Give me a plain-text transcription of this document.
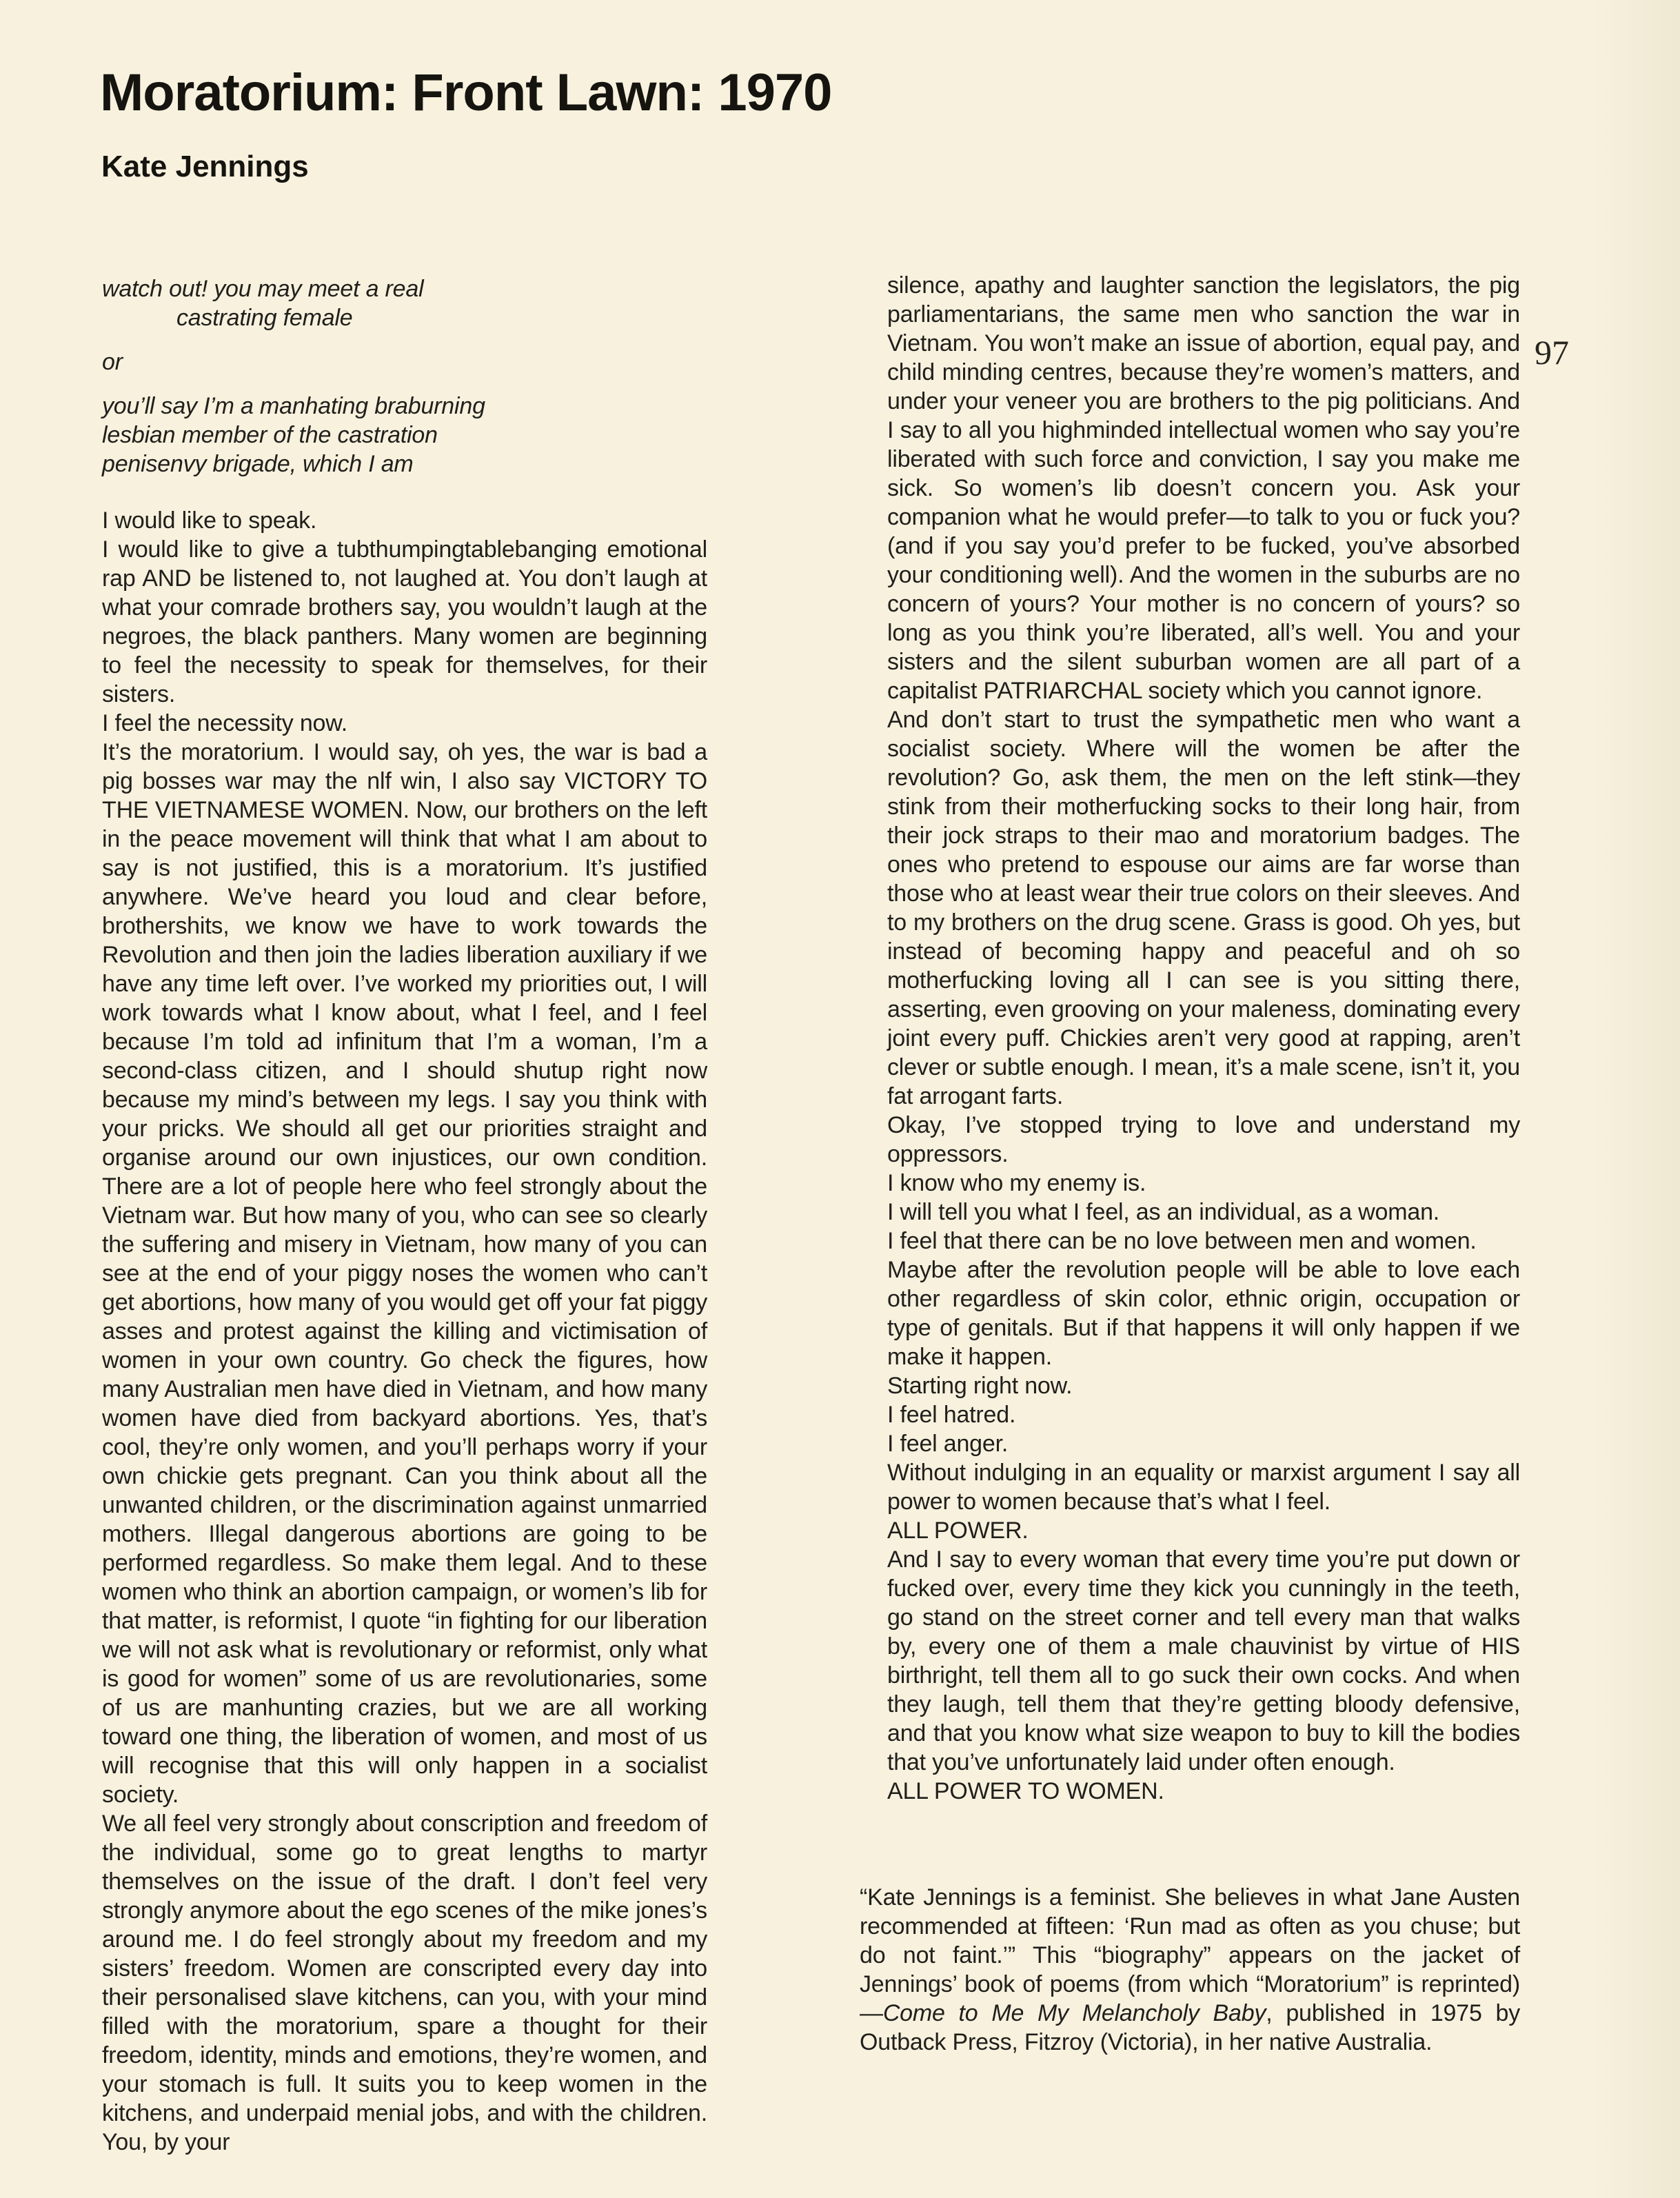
Moratorium: Front Lawn: 1970
Kate Jennings
97

watch out! you may meet a real
castrating female

or

you’ll say I’m a manhating braburning
lesbian member of the castration
penisenvy brigade, which I am

I would like to speak.

I would like to give a tubthumpingtablebanging emotional rap AND be listened to, not laughed at. You don’t laugh at what your comrade brothers say, you wouldn’t laugh at the negroes, the black panthers. Many women are beginning to feel the necessity to speak for themselves, for their sisters.

I feel the necessity now.

It’s the moratorium. I would say, oh yes, the war is bad a pig bosses war may the nlf win, I also say VICTORY TO THE VIETNAMESE WOMEN. Now, our brothers on the left in the peace movement will think that what I am about to say is not justified, this is a moratorium. It’s justified anywhere. We’ve heard you loud and clear before, brothershits, we know we have to work towards the Revolution and then join the ladies liberation auxiliary if we have any time left over. I’ve worked my priorities out, I will work towards what I know about, what I feel, and I feel because I’m told ad infinitum that I’m a woman, I’m a second-class citizen, and I should shutup right now because my mind’s between my legs. I say you think with your pricks. We should all get our priorities straight and organise around our own injustices, our own condition. There are a lot of people here who feel strongly about the Vietnam war. But how many of you, who can see so clearly the suffering and misery in Vietnam, how many of you can see at the end of your piggy noses the women who can’t get abortions, how many of you would get off your fat piggy asses and protest against the killing and victimisation of women in your own country. Go check the figures, how many Australian men have died in Vietnam, and how many women have died from backyard abortions. Yes, that’s cool, they’re only women, and you’ll perhaps worry if your own chickie gets pregnant. Can you think about all the unwanted children, or the discrimination against unmarried mothers. Illegal dangerous abortions are going to be performed regardless. So make them legal. And to these women who think an abortion campaign, or women’s lib for that matter, is reformist, I quote “in fighting for our liberation we will not ask what is revolutionary or reformist, only what is good for women” some of us are revolutionaries, some of us are manhunting crazies, but we are all working toward one thing, the liberation of women, and most of us will recognise that this will only happen in a socialist society.

We all feel very strongly about conscription and freedom of the individual, some go to great lengths to martyr themselves on the issue of the draft. I don’t feel very strongly anymore about the ego scenes of the mike jones’s around me. I do feel strongly about my freedom and my sisters’ freedom. Women are conscripted every day into their personalised slave kitchens, can you, with your mind filled with the moratorium, spare a thought for their freedom, identity, minds and emotions, they’re women, and your stomach is full. It suits you to keep women in the kitchens, and underpaid menial jobs, and with the children. You, by your

silence, apathy and laughter sanction the legislators, the pig parliamentarians, the same men who sanction the war in Vietnam. You won’t make an issue of abortion, equal pay, and child minding centres, because they’re women’s matters, and under your veneer you are brothers to the pig politicians. And I say to all you highminded intellectual women who say you’re liberated with such force and conviction, I say you make me sick. So women’s lib doesn’t concern you. Ask your companion what he would prefer—to talk to you or fuck you? (and if you say you’d prefer to be fucked, you’ve absorbed your conditioning well). And the women in the suburbs are no concern of yours? Your mother is no concern of yours? so long as you think you’re liberated, all’s well. You and your sisters and the silent suburban women are all part of a capitalist PATRIARCHAL society which you cannot ignore.

And don’t start to trust the sympathetic men who want a socialist society. Where will the women be after the revolution? Go, ask them, the men on the left stink—they stink from their motherfucking socks to their long hair, from their jock straps to their mao and moratorium badges. The ones who pretend to espouse our aims are far worse than those who at least wear their true colors on their sleeves. And to my brothers on the drug scene. Grass is good. Oh yes, but instead of becoming happy and peaceful and oh so motherfucking loving all I can see is you sitting there, asserting, even grooving on your maleness, dominating every joint every puff. Chickies aren’t very good at rapping, aren’t clever or subtle enough. I mean, it’s a male scene, isn’t it, you fat arrogant farts.

Okay, I’ve stopped trying to love and understand my oppressors.

I know who my enemy is.

I will tell you what I feel, as an individual, as a woman.

I feel that there can be no love between men and women.

Maybe after the revolution people will be able to love each other regardless of skin color, ethnic origin, occupation or type of genitals. But if that happens it will only happen if we make it happen.

Starting right now.

I feel hatred.

I feel anger.

Without indulging in an equality or marxist argument I say all power to women because that’s what I feel.

ALL POWER.

And I say to every woman that every time you’re put down or fucked over, every time they kick you cunningly in the teeth, go stand on the street corner and tell every man that walks by, every one of them a male chauvinist by virtue of HIS birthright, tell them all to go suck their own cocks. And when they laugh, tell them that they’re getting bloody defensive, and that you know what size weapon to buy to kill the bodies that you’ve unfortunately laid under often enough.

ALL POWER TO WOMEN.

“Kate Jennings is a feminist. She believes in what Jane Austen recommended at fifteen: ‘Run mad as often as you chuse; but do not faint.’” This “biography” appears on the jacket of Jennings’ book of poems (from which “Moratorium” is reprinted)—Come to Me My Melancholy Baby, published in 1975 by Outback Press, Fitzroy (Victoria), in her native Australia.
